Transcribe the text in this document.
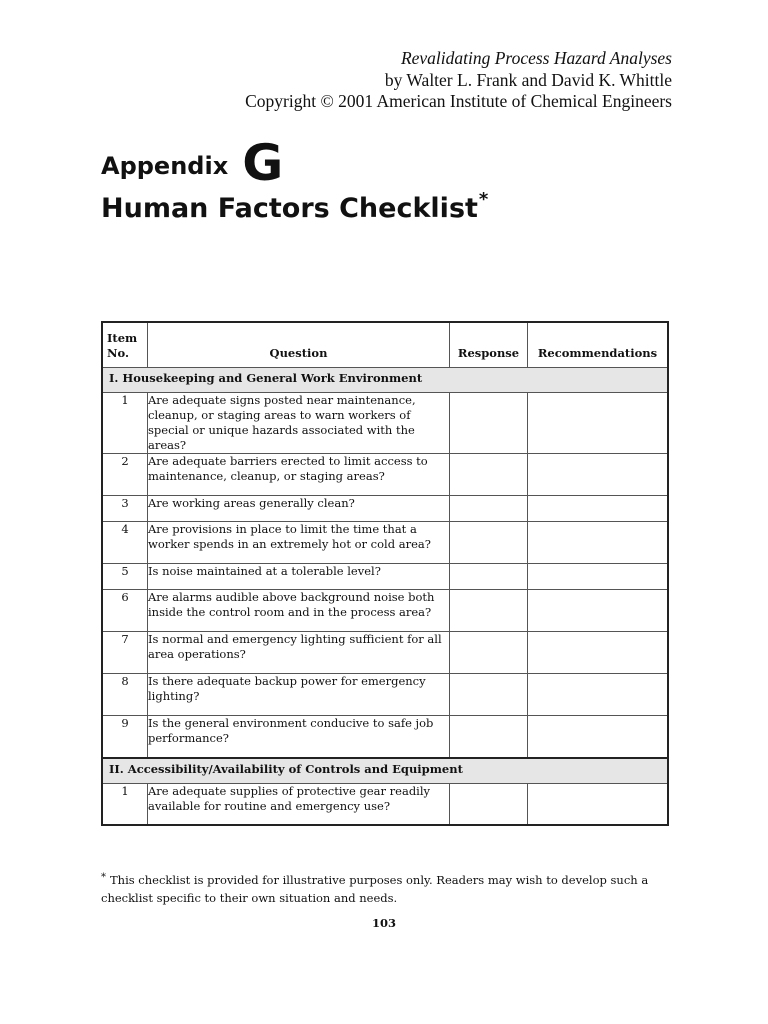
Revalidating Process Hazard Analyses
by Walter L. Frank and David K. Whittle
Copyright © 2001 American Institute of Chemical Engineers
Appendix G
Human Factors Checklist*
Item
No.	Question	Response	Recommendations
I. Housekeeping and General Work Environment			
1	Are adequate signs posted near maintenance, cleanup, or staging areas to warn workers of special or unique hazards associated with the areas?		
2	Are adequate barriers erected to limit access to maintenance, cleanup, or staging areas?		
3	Are working areas generally clean?		
4	Are provisions in place to limit the time that a worker spends in an extremely hot or cold area?		
5	Is noise maintained at a tolerable level?		
6	Are alarms audible above background noise both inside the control room and in the process area?		
7	Is normal and emergency lighting sufficient for all area operations?		
8	Is there adequate backup power for emergency lighting?		
9	Is the general environment conducive to safe job performance?		
II. Accessibility/Availability of Controls and Equipment			
1	Are adequate supplies of protective gear readily available for routine and emergency use?		
* This checklist is provided for illustrative purposes only. Readers may wish to develop such a checklist specific to their own situation and needs.
103
